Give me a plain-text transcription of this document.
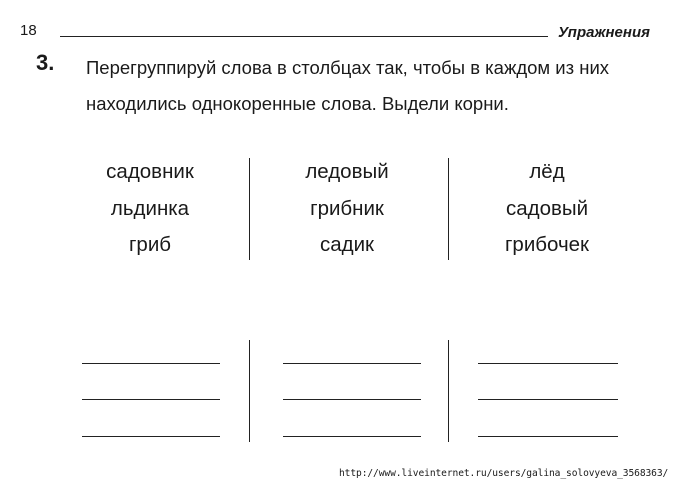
18	Упражнения
3. Перегруппируй слова в столбцах так, чтобы в каждом из них находились однокоренные слова. Выдели корни.

садовник
льдинка
гриб
ледовый
грибник
садик
лёд
садовый
грибочек
http://www.liveinternet.ru/users/galina_solovyeva_3568363/
